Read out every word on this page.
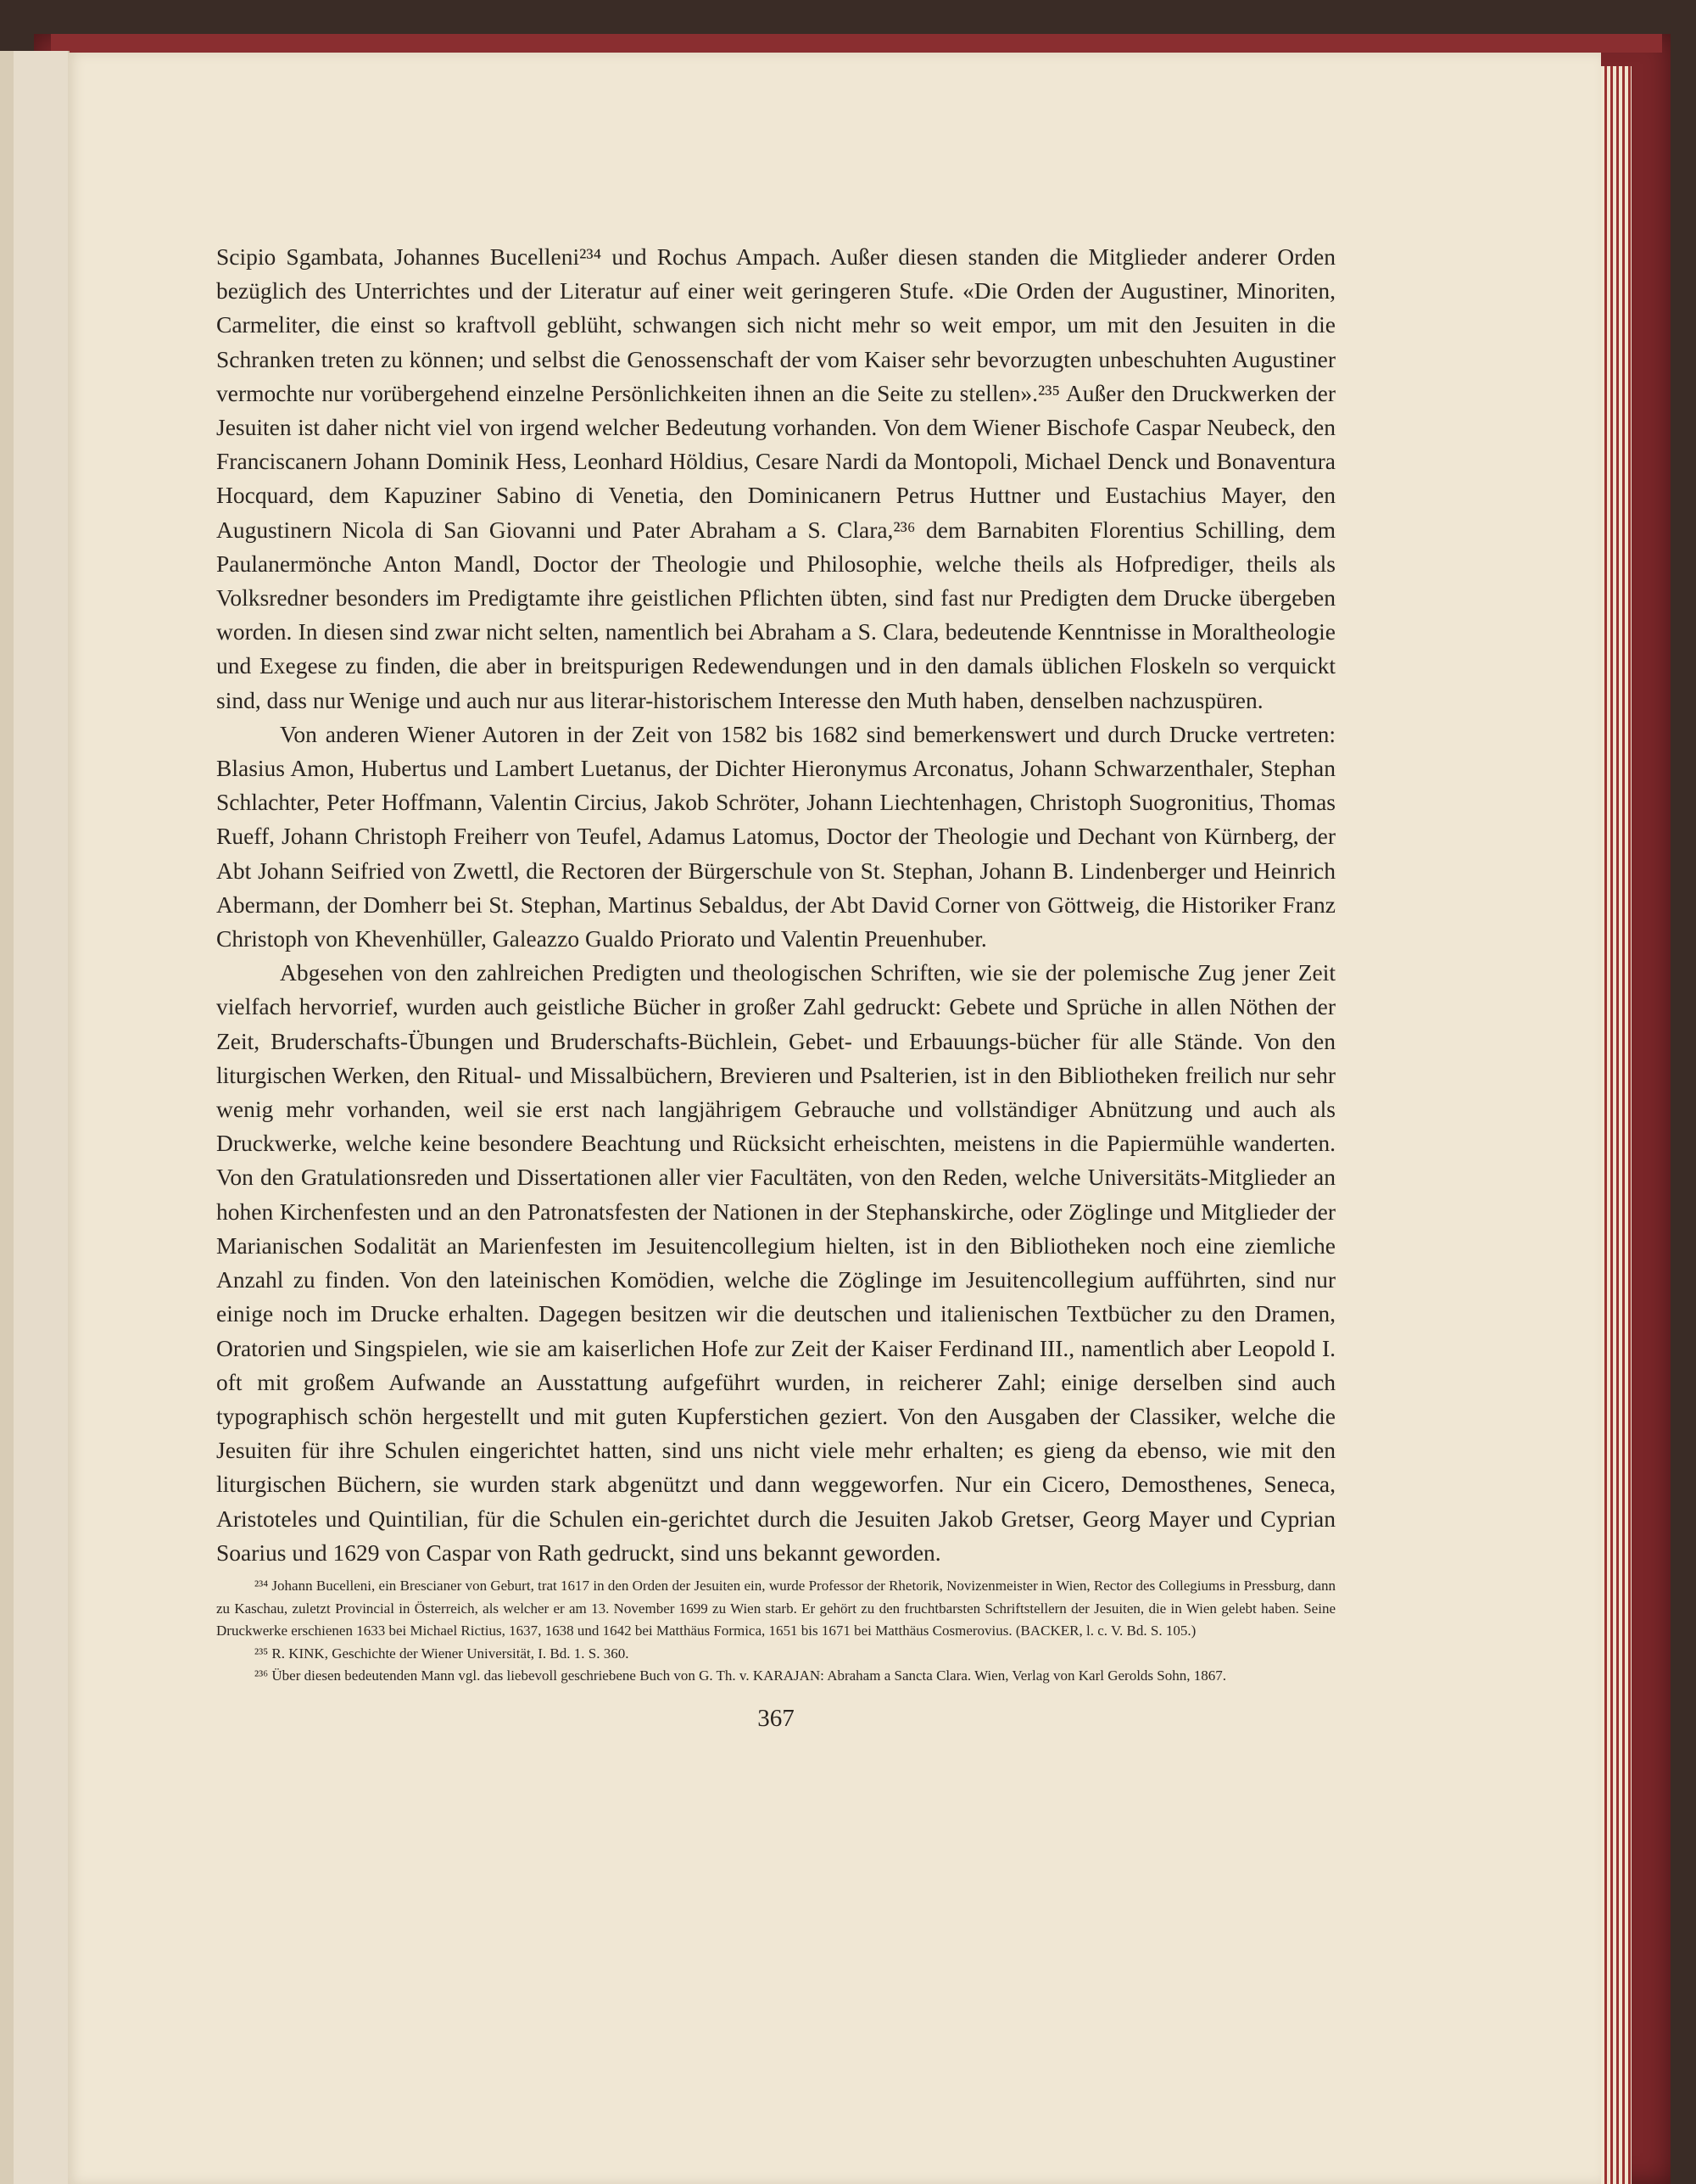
Scipio Sgambata, Johannes Bucelleni²³⁴ und Rochus Ampach. Außer diesen standen die Mitglieder anderer Orden bezüglich des Unterrichtes und der Literatur auf einer weit geringeren Stufe. «Die Orden der Augustiner, Minoriten, Carmeliter, die einst so kraftvoll geblüht, schwangen sich nicht mehr so weit empor, um mit den Jesuiten in die Schranken treten zu können; und selbst die Genossenschaft der vom Kaiser sehr bevorzugten unbeschuhten Augustiner vermochte nur vorübergehend einzelne Persönlichkeiten ihnen an die Seite zu stellen».²³⁵ Außer den Druckwerken der Jesuiten ist daher nicht viel von irgend welcher Bedeutung vorhanden. Von dem Wiener Bischofe Caspar Neubeck, den Franciscanern Johann Dominik Hess, Leonhard Höldius, Cesare Nardi da Montopoli, Michael Denck und Bonaventura Hocquard, dem Kapuziner Sabino di Venetia, den Dominicanern Petrus Huttner und Eustachius Mayer, den Augustinern Nicola di San Giovanni und Pater Abraham a S. Clara,²³⁶ dem Barnabiten Florentius Schilling, dem Paulanermönche Anton Mandl, Doctor der Theologie und Philosophie, welche theils als Hofprediger, theils als Volksredner besonders im Predigtamte ihre geistlichen Pflichten übten, sind fast nur Predigten dem Drucke übergeben worden. In diesen sind zwar nicht selten, namentlich bei Abraham a S. Clara, bedeutende Kenntnisse in Moraltheologie und Exegese zu finden, die aber in breitspurigen Redewendungen und in den damals üblichen Floskeln so verquickt sind, dass nur Wenige und auch nur aus literar-historischem Interesse den Muth haben, denselben nachzuspüren.

Von anderen Wiener Autoren in der Zeit von 1582 bis 1682 sind bemerkenswert und durch Drucke vertreten: Blasius Amon, Hubertus und Lambert Luetanus, der Dichter Hieronymus Arconatus, Johann Schwarzenthaler, Stephan Schlachter, Peter Hoffmann, Valentin Circius, Jakob Schröter, Johann Liechtenhagen, Christoph Suogronitius, Thomas Rueff, Johann Christoph Freiherr von Teufel, Adamus Latomus, Doctor der Theologie und Dechant von Kürnberg, der Abt Johann Seifried von Zwettl, die Rectoren der Bürgerschule von St. Stephan, Johann B. Lindenberger und Heinrich Abermann, der Domherr bei St. Stephan, Martinus Sebaldus, der Abt David Corner von Göttweig, die Historiker Franz Christoph von Khevenhüller, Galeazzo Gualdo Priorato und Valentin Preuenhuber.

Abgesehen von den zahlreichen Predigten und theologischen Schriften, wie sie der polemische Zug jener Zeit vielfach hervorrief, wurden auch geistliche Bücher in großer Zahl gedruckt: Gebete und Sprüche in allen Nöthen der Zeit, Bruderschafts-Übungen und Bruderschafts-Büchlein, Gebet- und Erbauungs-bücher für alle Stände. Von den liturgischen Werken, den Ritual- und Missalbüchern, Brevieren und Psalterien, ist in den Bibliotheken freilich nur sehr wenig mehr vorhanden, weil sie erst nach langjährigem Gebrauche und vollständiger Abnützung und auch als Druckwerke, welche keine besondere Beachtung und Rücksicht erheischten, meistens in die Papiermühle wanderten. Von den Gratulationsreden und Dissertationen aller vier Facultäten, von den Reden, welche Universitäts-Mitglieder an hohen Kirchenfesten und an den Patronatsfesten der Nationen in der Stephanskirche, oder Zöglinge und Mitglieder der Marianischen Sodalität an Marienfesten im Jesuitencollegium hielten, ist in den Bibliotheken noch eine ziemliche Anzahl zu finden. Von den lateinischen Komödien, welche die Zöglinge im Jesuitencollegium aufführten, sind nur einige noch im Drucke erhalten. Dagegen besitzen wir die deutschen und italienischen Textbücher zu den Dramen, Oratorien und Singspielen, wie sie am kaiserlichen Hofe zur Zeit der Kaiser Ferdinand III., namentlich aber Leopold I. oft mit großem Aufwande an Ausstattung aufgeführt wurden, in reicherer Zahl; einige derselben sind auch typographisch schön hergestellt und mit guten Kupferstichen geziert. Von den Ausgaben der Classiker, welche die Jesuiten für ihre Schulen eingerichtet hatten, sind uns nicht viele mehr erhalten; es gieng da ebenso, wie mit den liturgischen Büchern, sie wurden stark abgenützt und dann weggeworfen. Nur ein Cicero, Demosthenes, Seneca, Aristoteles und Quintilian, für die Schulen ein-gerichtet durch die Jesuiten Jakob Gretser, Georg Mayer und Cyprian Soarius und 1629 von Caspar von Rath gedruckt, sind uns bekannt geworden.

²³⁴ Johann Bucelleni, ein Brescianer von Geburt, trat 1617 in den Orden der Jesuiten ein, wurde Professor der Rhetorik, Novizenmeister in Wien, Rector des Collegiums in Pressburg, dann zu Kaschau, zuletzt Provincial in Österreich, als welcher er am 13. November 1699 zu Wien starb. Er gehört zu den fruchtbarsten Schriftstellern der Jesuiten, die in Wien gelebt haben. Seine Druckwerke erschienen 1633 bei Michael Rictius, 1637, 1638 und 1642 bei Matthäus Formica, 1651 bis 1671 bei Matthäus Cosmerovius. (BACKER, l. c. V. Bd. S. 105.)

²³⁵ R. KINK, Geschichte der Wiener Universität, I. Bd. 1. S. 360.

²³⁶ Über diesen bedeutenden Mann vgl. das liebevoll geschriebene Buch von G. Th. v. KARAJAN: Abraham a Sancta Clara. Wien, Verlag von Karl Gerolds Sohn, 1867.

367
